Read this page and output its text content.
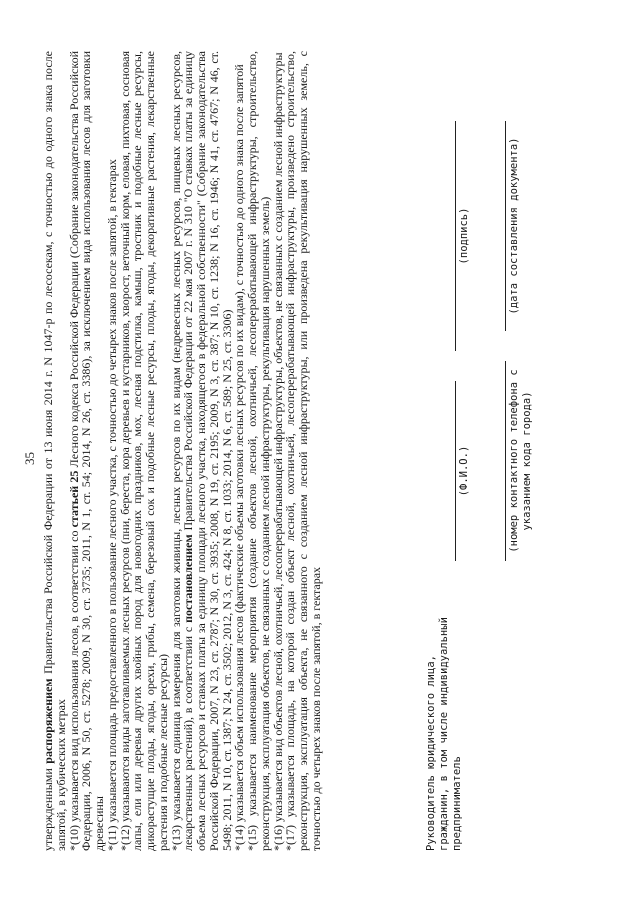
35

утвержденными распоряжением Правительства Российской Федерации от 13 июня 2014 г. N 1047-р по лесосекам, с точностью до одного знака после запятой, в кубических метрах

*(10) указывается вид использования лесов, в соответствии со статьей 25 Лесного кодекса Российской Федерации (Собрание законодательства Российской Федерации, 2006, N 50, ст. 5278; 2009, N 30, ст. 3735; 2011, N 1, ст. 54; 2014, N 26, ст. 3386), за исключением вида использования лесов для заготовки древесины

*(11) указывается площадь предоставленного в пользование лесного участка, с точностью до четырех знаков после запятой, в гектарах

*(12) указываются виды заготавливаемых лесных ресурсов (пни, береста, кора деревьев и кустарников, хворост, веточный корм, еловая, пихтовая, сосновая лапы, ели или деревья других хвойных пород для новогодних праздников, мох, лесная подстилка, камыш, тростник и подобные лесные ресурсы, дикорастущие плоды, ягоды, орехи, грибы, семена, березовый сок и подобные лесные ресурсы, плоды, ягоды, декоративные растения, лекарственные растения и подобные лесные ресурсы)

*(13) указывается единица измерения для заготовки живицы, лесных ресурсов по их видам (недревесных лесных ресурсов, пищевых лесных ресурсов, лекарственных растений), в соответствии с постановлением Правительства Российской Федерации от 22 мая 2007 г. N 310 "О ставках платы за единицу объема лесных ресурсов и ставках платы за единицу площади лесного участка, находящегося в федеральной собственности" (Собрание законодательства Российской Федерации, 2007, N 23, ст. 2787; N 30, ст. 3935; 2008, N 19, ст. 2195; 2009, N 3, ст. 387; N 10, ст. 1238; N 16, ст. 1946; N 41, ст. 4767; N 46, ст. 5498; 2011, N 10, ст. 1387; N 24, ст. 3502; 2012, N 3, ст. 424; N 8, ст. 1033; 2014, N 6, ст. 589; N 25, ст. 3306)

*(14) указывается объем использования лесов (фактические объемы заготовки лесных ресурсов по их видам), с точностью до одного знака после запятой

*(15) указывается наименование мероприятия (создание объектов лесной, охотничьей, лесоперерабатывающей инфраструктуры, строительство, реконструкция, эксплуатация объектов, не связанных с созданием лесной инфраструктуры, рекультивация нарушенных земель)

*(16) указывается вид объектов лесной, охотничьей, лесоперерабатывающей инфраструктуры, объектов, не связанных с созданием лесной инфраструктуры

*(17) указывается площадь, на которой создан объект лесной, охотничьей, лесоперерабатывающей инфраструктуры, произведено строительство, реконструкция, эксплуатация объекта, не связанного с созданием лесной инфраструктуры, или произведена рекультивация нарушенных земель, с точностью до четырех знаков после запятой, в гектарах	Руководитель юридического лица, гражданин, в том числе индивидуальный предприниматель
(Ф.И.О.)
(подпись)
(номер контактного телефона с указанием кода города)
(дата составления документа)
